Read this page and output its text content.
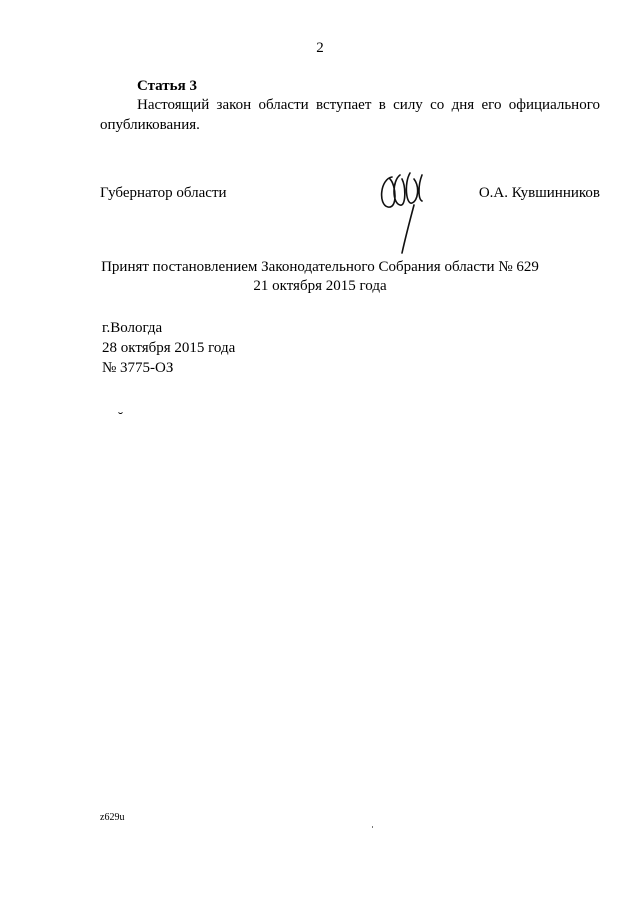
2
Статья 3
Настоящий закон области вступает в силу со дня его официального опубликования.
Губернатор области	О.А. Кувшинников
Принят постановлением Законодательного Собрания области № 629
21 октября 2015 года
г.Вологда
28 октября 2015 года
№ 3775-ОЗ
˘
z629u
